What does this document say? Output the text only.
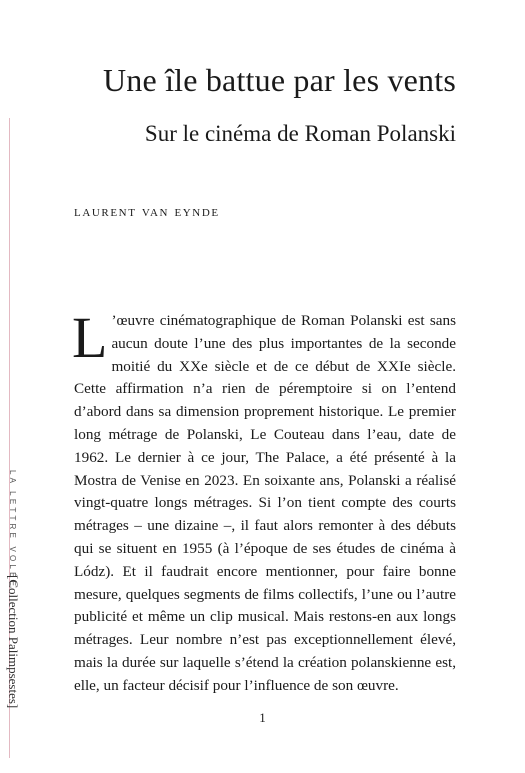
Une île battue par les vents
Sur le cinéma de Roman Polanski
laurent van eynde

L ’œuvre cinématographique de Roman Polanski est sans aucun doute l’une des plus importantes de la seconde moitié du XXe siècle et de ce début de XXIe siècle. Cette affirmation n’a rien de péremptoire si on l’entend d’abord dans sa dimension proprement historique. Le premier long métrage de Polanski, Le Couteau dans l’eau, date de 1962. Le dernier à ce jour, The Palace, a été présenté à la Mostra de Venise en 2023. En soixante ans, Polanski a réalisé vingt-quatre longs métrages. Si l’on tient compte des courts métrages – une dizaine –, il faut alors remonter à des débuts qui se situent en 1955 (à l’époque de ses études de cinéma à Lódz). Et il faudrait encore mentionner, pour faire bonne mesure, quelques segments de films collectifs, l’une ou l’autre publicité et même un clip musical. Mais restons-en aux longs métrages. Leur nombre n’est pas exceptionnellement élevé, mais la durée sur laquelle s’étend la création polanskienne est, elle, un facteur décisif pour l’influence de son œuvre.

1
LA LETTRE VOLÉE
[Collection Palimpsestes]
